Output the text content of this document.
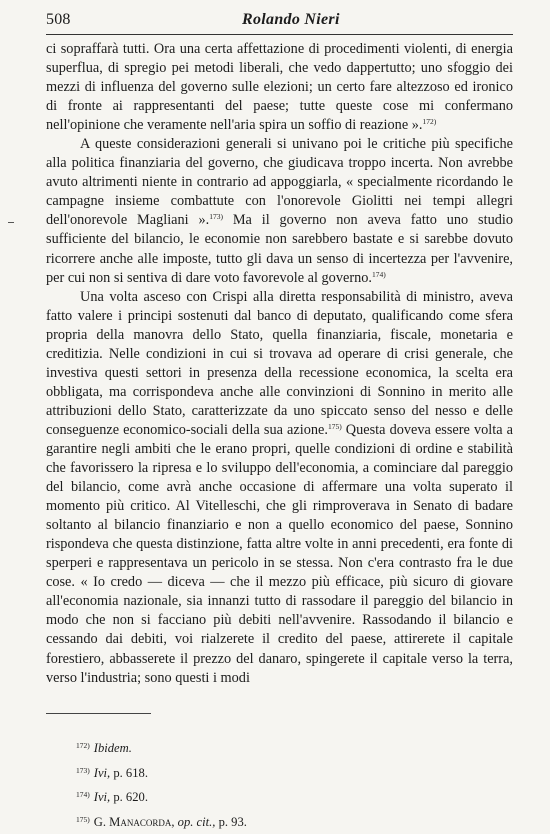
508	Rolando Nieri

ci sopraffarà tutti. Ora una certa affettazione di procedimenti violenti, di energia superflua, di spregio pei metodi liberali, che vedo dappertutto; uno sfoggio dei mezzi di influenza del governo sulle elezioni; un certo fare altezzoso ed ironico di fronte ai rappresentanti del paese; tutte queste cose mi confermano nell'opinione che veramente nell'aria spira un soffio di reazione ».$^{172)}$

A queste considerazioni generali si univano poi le critiche più specifiche alla politica finanziaria del governo, che giudicava troppo incerta. Non avrebbe avuto altrimenti niente in contrario ad appoggiarla, « specialmente ricordando le campagne insieme combattute con l'onorevole Giolitti nei tempi allegri dell'onorevole Magliani ».$^{173)}$ Ma il governo non aveva fatto uno studio sufficiente del bilancio, le economie non sarebbero bastate e si sarebbe dovuto ricorrere anche alle imposte, tutto gli dava un senso di incertezza per l'avvenire, per cui non si sentiva di dare voto favorevole al governo.$^{174)}$

Una volta asceso con Crispi alla diretta responsabilità di ministro, aveva fatto valere i principi sostenuti dal banco di deputato, qualificando come sfera propria della manovra dello Stato, quella finanziaria, fiscale, monetaria e creditizia. Nelle condizioni in cui si trovava ad operare di crisi generale, che investiva questi settori in presenza della recessione economica, la scelta era obbligata, ma corrispondeva anche alle convinzioni di Sonnino in merito alle attribuzioni dello Stato, caratterizzate da uno spiccato senso del nesso e delle conseguenze economico-sociali della sua azione.$^{175)}$ Questa doveva essere volta a garantire negli ambiti che le erano propri, quelle condizioni di ordine e stabilità che favorissero la ripresa e lo sviluppo dell'economia, a cominciare dal pareggio del bilancio, come avrà anche occasione di affermare una volta superato il momento più critico. Al Vitelleschi, che gli rimproverava in Senato di badare soltanto al bilancio finanziario e non a quello economico del paese, Sonnino rispondeva che questa distinzione, fatta altre volte in anni precedenti, era fonte di sperperi e rappresentava un pericolo in se stessa. Non c'era contrasto fra le due cose. « Io credo — diceva — che il mezzo più efficace, più sicuro di giovare all'economia nazionale, sia innanzi tutto di rassodare il pareggio del bilancio in modo che non si facciano più debiti nell'avvenire. Rassodando il bilancio e cessando dai debiti, voi rialzerete il credito del paese, attirerete il capitale forestiero, abbasserete il prezzo del danaro, spingerete il capitale verso la terra, verso l'industria; sono questi i modi

$^{172)}$ Ibidem.
$^{173)}$ Ivi, p. 618.
$^{174)}$ Ivi, p. 620.
$^{175)}$ G. Manacorda, op. cit., p. 93.
